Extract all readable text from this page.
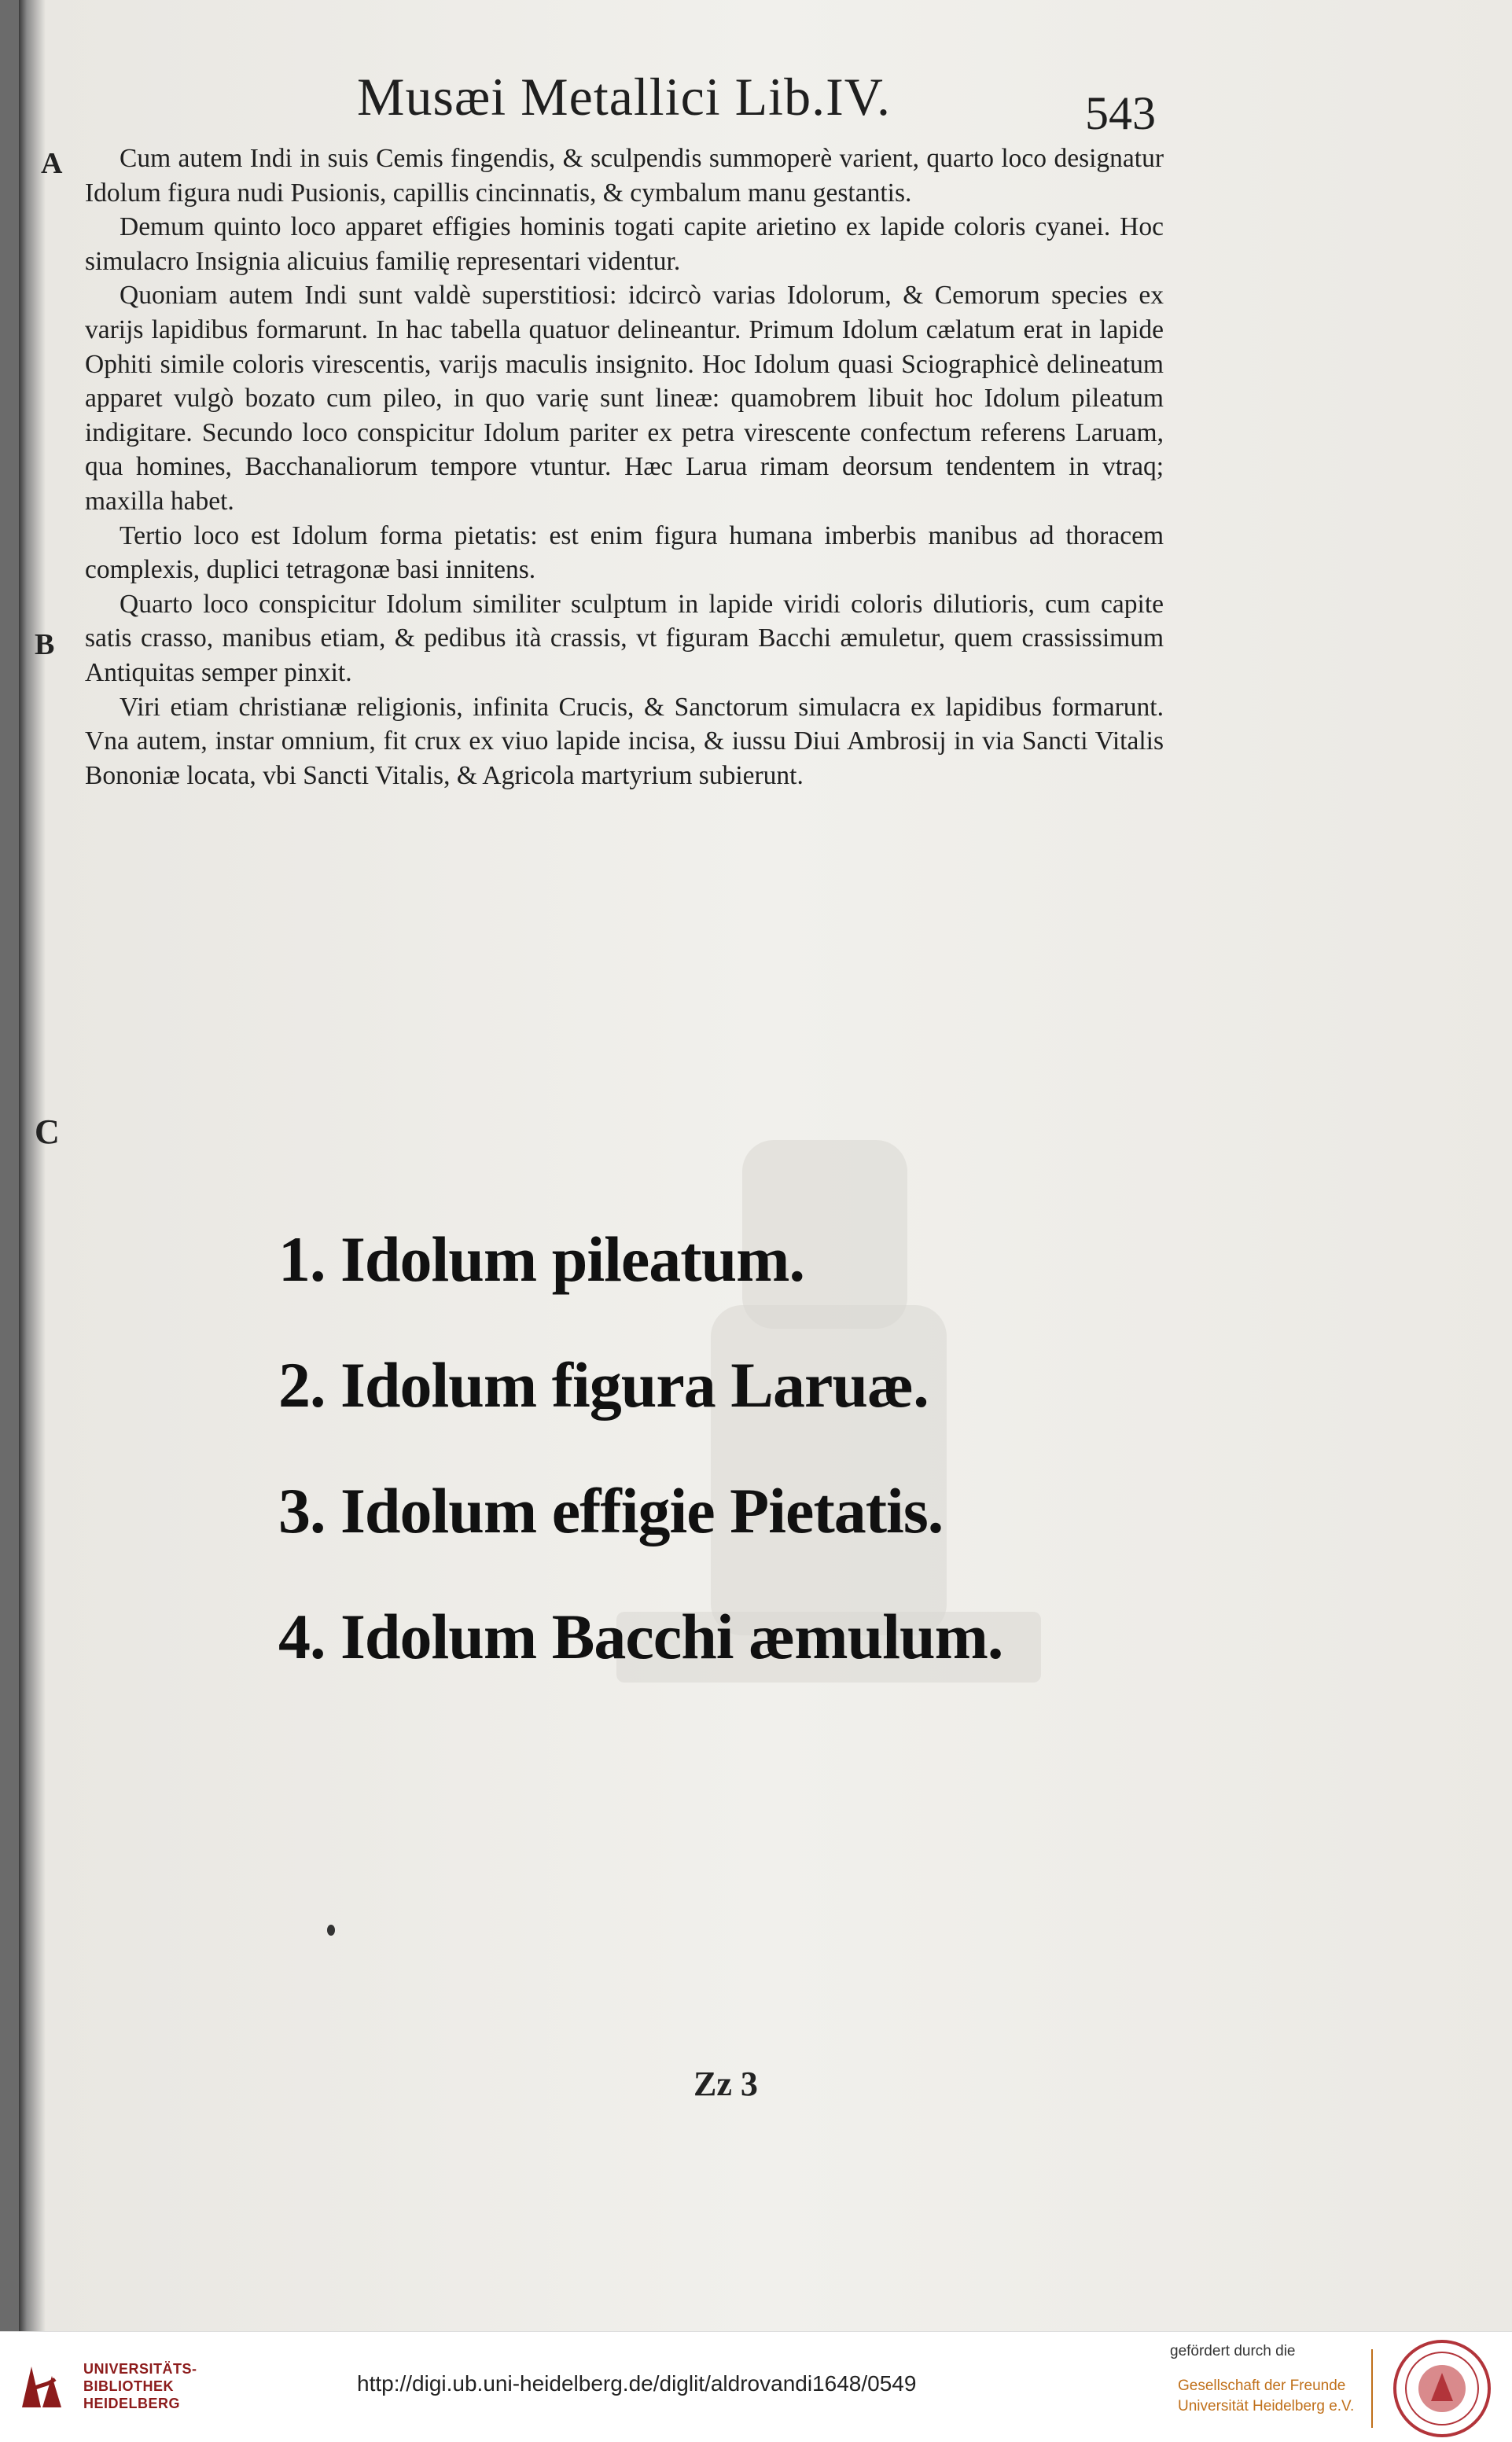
Musæi Metallici Lib.IV.	543
A
B
C

Cum autem Indi in suis Cemis fingendis, & sculpendis summoperè varient, quarto loco designatur Idolum figura nudi Pusionis, capillis cincinnatis, & cymbalum manu gestantis.

Demum quinto loco apparet effigies hominis togati capite arietino ex lapide coloris cyanei. Hoc simulacro Insignia alicuius familię representari videntur.

Quoniam autem Indi sunt valdè superstitiosi: idcircò varias Idolorum, & Cemorum species ex varijs lapidibus formarunt. In hac tabella quatuor delineantur. Primum Idolum cælatum erat in lapide Ophiti simile coloris virescentis, varijs maculis insignito. Hoc Idolum quasi Sciographicè delineatum apparet vulgò bozato cum pileo, in quo varię sunt lineæ: quamobrem libuit hoc Idolum pileatum indigitare. Secundo loco conspicitur Idolum pariter ex petra virescente confectum referens Laruam, qua homines, Bacchanaliorum tempore vtuntur. Hæc Larua rimam deorsum tendentem in vtraq; maxilla habet.

Tertio loco est Idolum forma pietatis: est enim figura humana imberbis manibus ad thoracem complexis, duplici tetragonæ basi innitens.

Quarto loco conspicitur Idolum similiter sculptum in lapide viridi coloris dilutioris, cum capite satis crasso, manibus etiam, & pedibus ità crassis, vt figuram Bacchi æmuletur, quem crassissimum Antiquitas semper pinxit.

Viri etiam christianæ religionis, infinita Crucis, & Sanctorum simulacra ex lapidibus formarunt. Vna autem, instar omnium, fit crux ex viuo lapide incisa, & iussu Diui Ambrosij in via Sancti Vitalis Bononiæ locata, vbi Sancti Vitalis, & Agricola martyrium subierunt.

1. Idolum pileatum.
2. Idolum figura Laruæ.
3. Idolum effigie Pietatis.
4. Idolum Bacchi æmulum.
Zz 3
UNIVERSITÄTS-
BIBLIOTHEK
HEIDELBERG
http://digi.ub.uni-heidelberg.de/diglit/aldrovandi1648/0549
gefördert durch die
Gesellschaft der Freunde
Universität Heidelberg e.V.
